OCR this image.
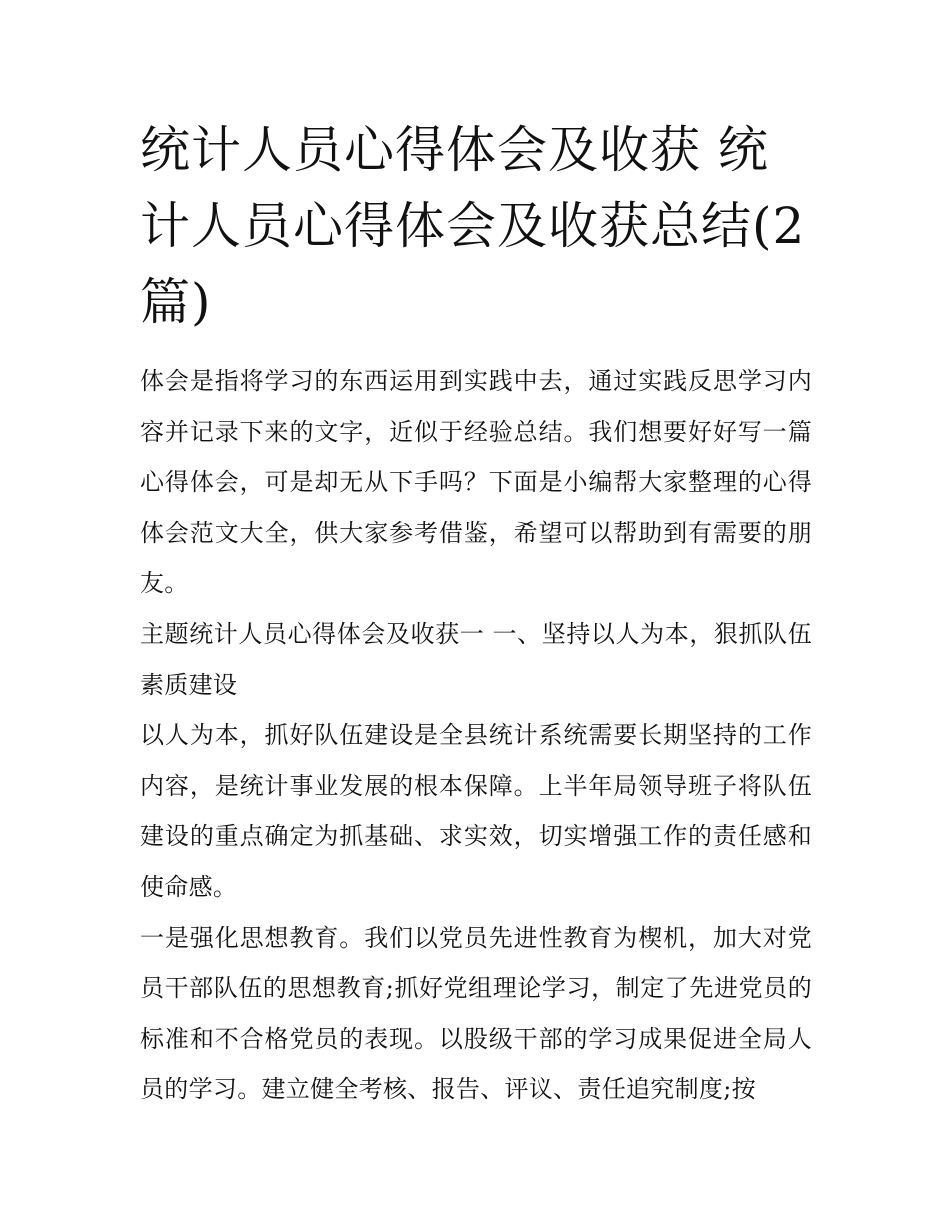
统计人员心得体会及收获 统计人员心得体会及收获总结(2篇)

体会是指将学习的东西运用到实践中去，通过实践反思学习内容并记录下来的文字，近似于经验总结。我们想要好好写一篇心得体会，可是却无从下手吗？下面是小编帮大家整理的心得体会范文大全，供大家参考借鉴，希望可以帮助到有需要的朋友。

主题统计人员心得体会及收获一 一、坚持以人为本，狠抓队伍素质建设

以人为本，抓好队伍建设是全县统计系统需要长期坚持的工作内容，是统计事业发展的根本保障。上半年局领导班子将队伍建设的重点确定为抓基础、求实效，切实增强工作的责任感和使命感。

一是强化思想教育。我们以党员先进性教育为楔机，加大对党员干部队伍的思想教育;抓好党组理论学习，制定了先进党员的标准和不合格党员的表现。以股级干部的学习成果促进全局人员的学习。建立健全考核、报告、评议、责任追究制度;按
